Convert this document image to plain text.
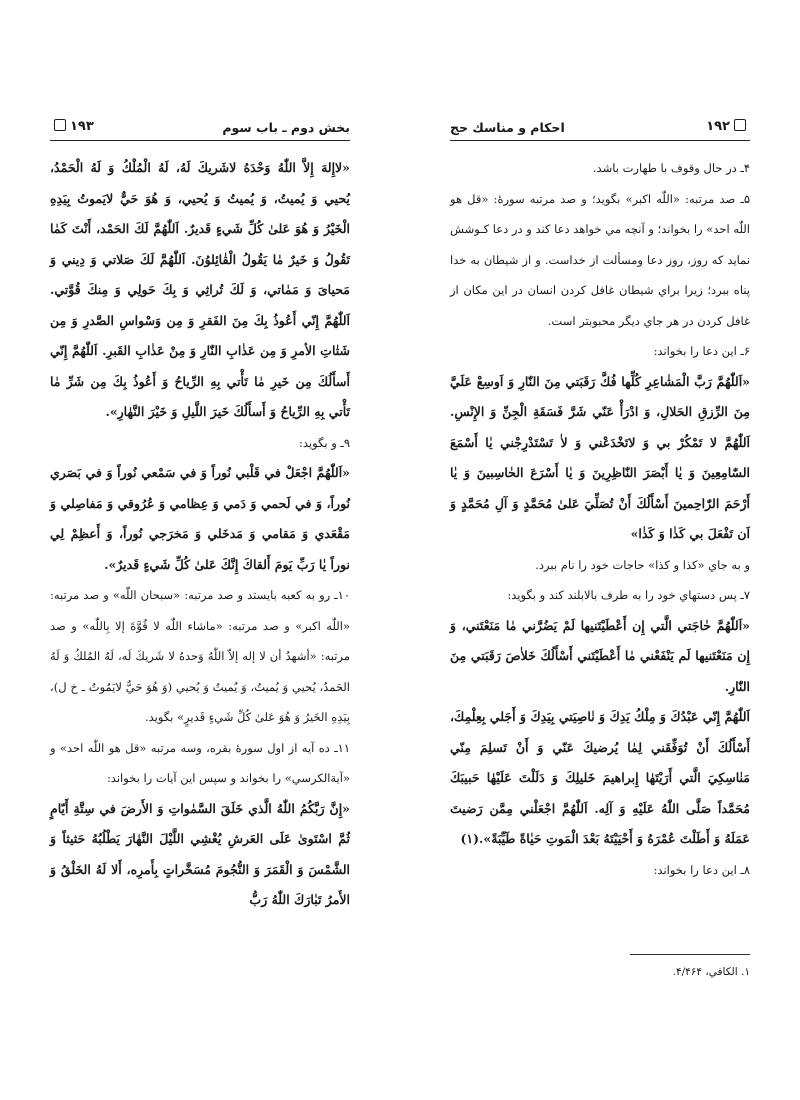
بخش دوم ـ باب سوم
۱۹۳

«لاإِلهَ إِلاَّ اللّٰهُ وَحْدَهُ لاشَريكَ لَهُ، لَهُ الْمُلْكُ وَ لَهُ الْحَمْدُ، يُحيي وَ يُميتُ، وَ يُميتُ وَ يُحيي، وَ هُوَ حَيٌّ لايَموتُ بِيَدِهِ الْخَيْرُ وَ هُوَ عَلىٰ كُلِّ شَيءٍ قَديرٌ. اَللّٰهُمَّ لَكَ الحَمْد، أَنْتَ كَمٰا تَقُولُ وَ خَيرٌ مٰا يَقُولُ الْقٰائِلوُنَ. اَللّٰهُمَّ لَكَ صَلاتي وَ دِيني وَ مَحياىَ وَ مَمٰاتي، وَ لَكَ تُراثِي وَ بِكَ حَولِي وَ مِنكَ قُوَّتي. اَللّٰهُمَّ إِنّي أَعُوذُ بِكَ مِنَ الفَقرِ وَ مِن وَسْواسِ الصَّدرِ وَ مِن شَتٰاتِ الأمرِ وَ مِن عَذٰابِ النّٰارِ وَ مِنْ عَذٰابِ القَبرِ. اَللّٰهُمَّ إِنّي أَسأَلُكَ مِن خَيرِ مٰا تَأْتي بِهِ الرِّياحُ وَ أَعُوذُ بِكَ مِن شَرِّ مٰا تَأْتي بِهِ الرِّياحُ وَ أَسأَلُكَ خَيرَ اللَّيلِ وَ خَيْرَ النَّهٰارِ».

۹ـ و بگويد:

«اَللّٰهُمَّ اجْعَلْ في قَلْبي نُوراً وَ في سَمْعي نُوراً وَ في بَصَري نُوراً، وَ في لَحمي وَ دَمي وَ عِظامي وَ عُرُوقي وَ مَفاصِلي وَ مَقْعَدي وَ مَقامي وَ مَدخَلي وَ مَخرَجي نُوراً، وَ أَعظِمْ لِي نوراً يٰا رَبِّ يَومَ أَلقاكَ إِنَّكَ عَلىٰ كُلِّ شَيءٍ قَديرٌ».

۱۰ـ رو به كعبه بايستد و صد مرتبه: «سبحان اللّٰه» و صد مرتبه: «اللّٰه اكبر» و صد مرتبه: «ماشاء اللّٰه لا قُوَّةَ إلا بِاللّٰه» و صد مرتبه: «أشهدُ أن لا إله إلاّ اللّٰهُ وَحدهُ لا شَريكَ لَه، لَهُ المُلكُ وَ لَهُ الحَمدُ، يُحيي وَ يُميتُ، وَ يُميتُ وَ يُحيي (وَ هُوَ حَيٌّ لايَمُوتُ ـ خ ل)، بِيَدِهِ الخَيرُ وَ هُوَ عَلىٰ كُلِّ شَيءٍ قَديرٍ» بگويد.

۱۱ـ ده آيه از اول سورهٔ بقره، وسه مرتبه «قل هو اللّٰه احد» و «آيةالكرسي» را بخواند و سپس اين آيات را بخواند:

«إِنَّ رَبَّكُمُ اللّٰهُ الَّذي خَلَقَ السَّمٰواتِ وَ الأَرضَ في سِتَّةِ أَيّامٍ ثُمَّ اسْتَوىٰ عَلَى العَرشِ يُغْشِي اللَّيْلَ النَّهٰارَ يَطْلُبُهُ حَثيثاً وَ الشَّمْسَ وَ الْقَمَرَ وَ النُّجُومَ مُسَخَّراتٍ بِأَمرِه، أَلا لَهُ الخَلْقُ وَ الأَمرُ تَبٰارَكَ اللّٰهُ رَبُّ

۱۹۲
احكام و مناسك حج

۴ـ در حال وقوف با طهارت باشد.

۵ـ صد مرتبه: «اللّٰه اكبر» بگويد؛ و صد مرتبه سورهٔ: «قل هو اللّٰه احد» را بخواند؛ و آنچه مي خواهد دعا كند و در دعا كـوشش نمايد كه روز، روز دعا ومسألت از خداست. و از شيطان به خدا پناه ببرد؛ زيرا براي شيطان غافل كردن انسان در اين مكان از غافل كردن در هر جاي ديگر محبوبتر است.

۶ـ اين دعا را بخواند:

«اَللّٰهُمَّ رَبَّ الْمَشٰاعِرِ كُلِّها فُكَّ رَقَبَتي مِنَ النّٰارِ وَ اَوسِعْ عَلَيَّ مِنَ الرِّزقِ الحَلالِ، وَ ادْرَأْ عَنّي شَرَّ فَسَقَةِ الْجِنِّ وَ الإِنْسِ. اَللّٰهُمَّ لا تَمْكُرْ بي وَ لاتَخْدَعْني وَ لاٰ تَسْتَدْرِجْني يٰا أَسْمَعَ السّٰامِعِينَ وَ يٰا أَبْصَرَ النّٰاظِرِينَ وَ يٰا أَسْرَعَ الحٰاسِبينَ وَ يٰا أَرْحَمَ الرّٰاحِمينَ أَسْأَلُكَ أَنْ تُصَلِّيَ عَلىٰ مُحَمَّدٍ وَ آلِ مُحَمَّدٍ وَ اَن تَفْعَلَ بي كَذٰا وَ كَذٰا»

و به جاي «كذا و كذا» حاجات خود را نام ببرد.

۷ـ پس دستهاي خود را به طرف بالابلند كند و بگويد:

«اَللّٰهُمَّ حٰاجَتي الَّتي إِن أَعْطَيْتَنيها لَمْ يَضُرَّني مٰا مَنَعْتَني، وَ إِن مَنَعْتَنيها لَم يَنْفَعْني مٰا أَعْطَيْتَني أَسْأَلُكَ خَلاٰصَ رَقَبَتي مِنَ النّٰارِ.

اَللّٰهُمَّ إِنّي عَبْدُكَ وَ مِلْكُ يَدِكَ وَ نٰاصِيَتي بِيَدِكَ وَ أَجَلي بِعِلْمِكَ، أَسْأَلُكَ أَنْ تُوَفِّقَني لِمٰا يُرضيكَ عَنّي وَ أَنْ تَسلِمَ مِنّي مَنٰاسِكِيَ الَّتي أَرَيْتَهٰا إِبراهيمَ خَليلِكَ وَ دَلَلْتَ عَلَيْهٰا حَبيبَكَ مُحَمَّداً صَلَّى اللّٰهُ عَلَيْهِ وَ آلِه. اَللّٰهُمَّ اجْعَلْني مِمَّن رَضيتَ عَمَلَهُ وَ أَطَلْتَ عُمْرَهُ وَ أَحْيَيْتَهُ بَعْدَ الْمَوتِ حَيٰاةً طَيِّبَةً».(۱)

۸ـ اين دعا را بخواند:

۱. الكافي، ۴/۴۶۴.
